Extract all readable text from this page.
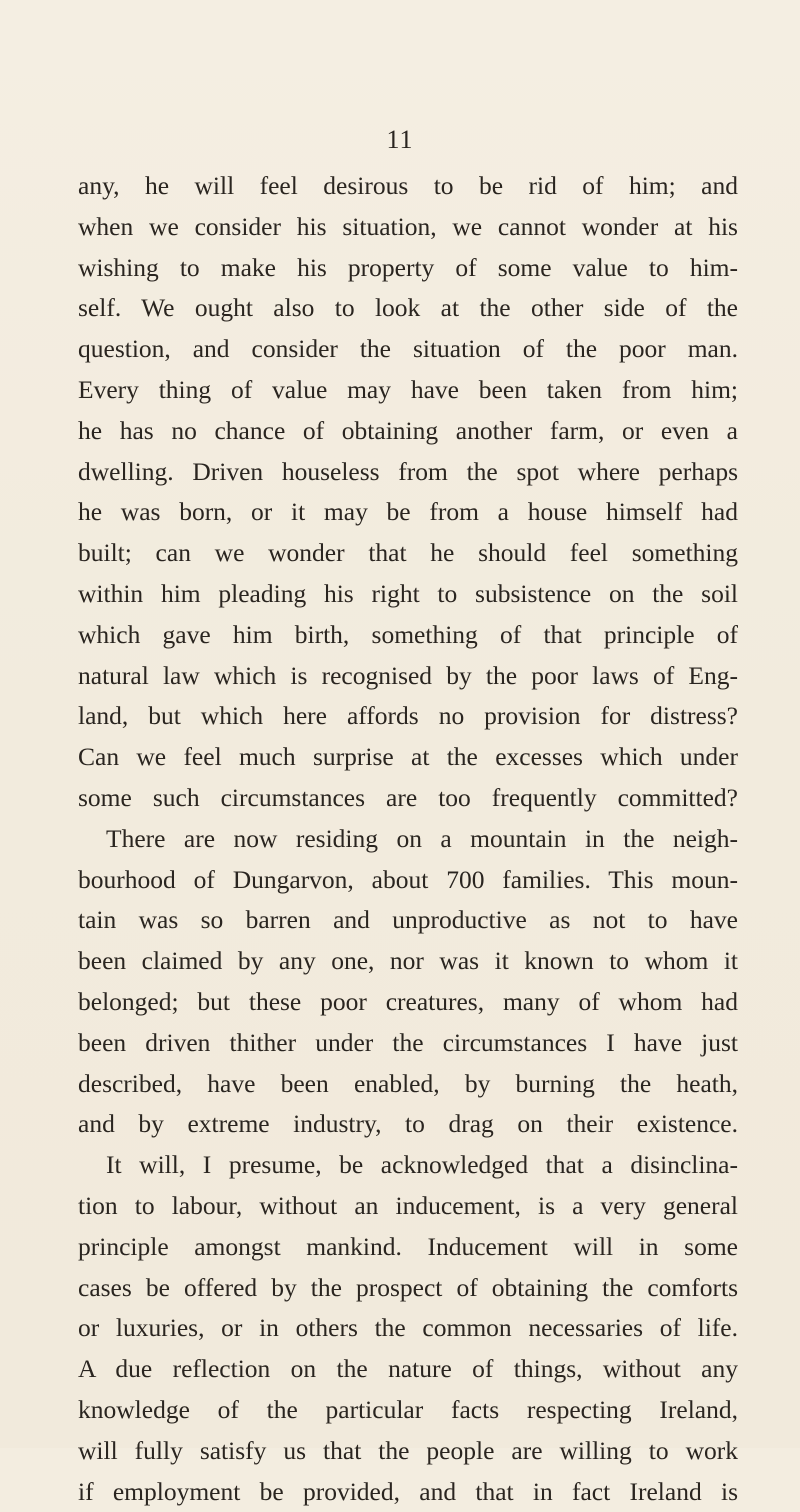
11
any, he will feel desirous to be rid of him; and
when we consider his situation, we cannot wonder at his
wishing to make his property of some value to him-
self. We ought also to look at the other side of the
question, and consider the situation of the poor man.
Every thing of value may have been taken from him;
he has no chance of obtaining another farm, or even a
dwelling. Driven houseless from the spot where perhaps
he was born, or it may be from a house himself had
built; can we wonder that he should feel something
within him pleading his right to subsistence on the soil
which gave him birth, something of that principle of
natural law which is recognised by the poor laws of Eng-
land, but which here affords no provision for distress?
Can we feel much surprise at the excesses which under
some such circumstances are too frequently committed?
There are now residing on a mountain in the neigh-
bourhood of Dungarvon, about 700 families. This moun-
tain was so barren and unproductive as not to have
been claimed by any one, nor was it known to whom it
belonged; but these poor creatures, many of whom had
been driven thither under the circumstances I have just
described, have been enabled, by burning the heath,
and by extreme industry, to drag on their existence.
It will, I presume, be acknowledged that a disinclina-
tion to labour, without an inducement, is a very general
principle amongst mankind. Inducement will in some
cases be offered by the prospect of obtaining the comforts
or luxuries, or in others the common necessaries of life.
A due reflection on the nature of things, without any
knowledge of the particular facts respecting Ireland,
will fully satisfy us that the people are willing to work
if employment be provided, and that in fact Ireland is
